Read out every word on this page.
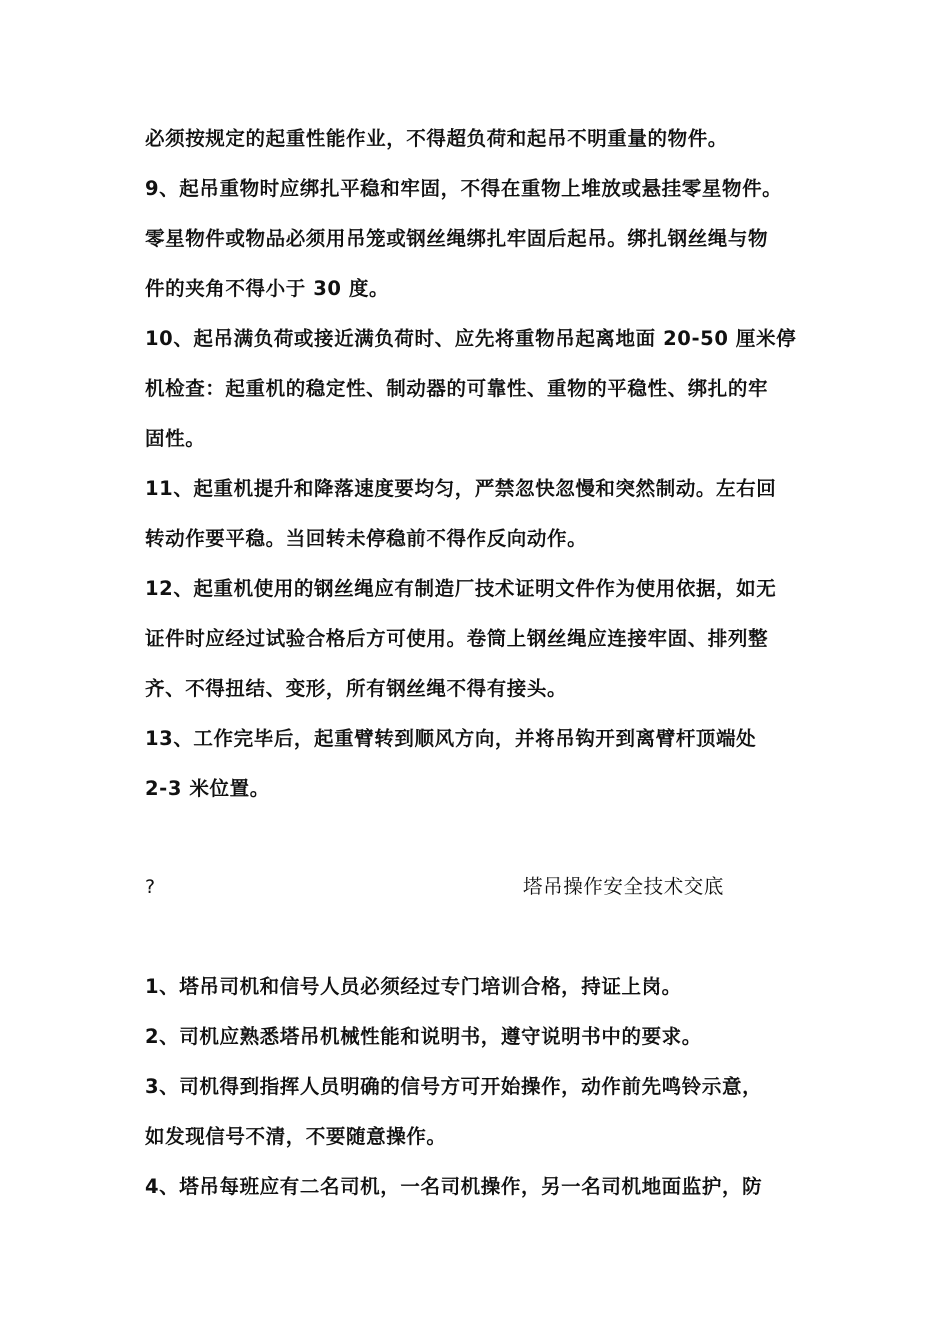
必须按规定的起重性能作业，不得超负荷和起吊不明重量的物件。
9、起吊重物时应绑扎平稳和牢固，不得在重物上堆放或悬挂零星物件。
零星物件或物品必须用吊笼或钢丝绳绑扎牢固后起吊。绑扎钢丝绳与物
件的夹角不得小于 30 度。
10、起吊满负荷或接近满负荷时、应先将重物吊起离地面 20-50 厘米停
机检查：起重机的稳定性、制动器的可靠性、重物的平稳性、绑扎的牢
固性。
11、起重机提升和降落速度要均匀，严禁忽快忽慢和突然制动。左右回
转动作要平稳。当回转未停稳前不得作反向动作。
12、起重机使用的钢丝绳应有制造厂技术证明文件作为使用依据，如无
证件时应经过试验合格后方可使用。卷筒上钢丝绳应连接牢固、排列整
齐、不得扭结、变形，所有钢丝绳不得有接头。
13、工作完毕后，起重臂转到顺风方向，并将吊钩开到离臂杆顶端处
2-3 米位置。
?	塔吊操作安全技术交底
1、塔吊司机和信号人员必须经过专门培训合格，持证上岗。
2、司机应熟悉塔吊机械性能和说明书，遵守说明书中的要求。
3、司机得到指挥人员明确的信号方可开始操作，动作前先鸣铃示意，
如发现信号不清，不要随意操作。
4、塔吊每班应有二名司机，一名司机操作，另一名司机地面监护，防
